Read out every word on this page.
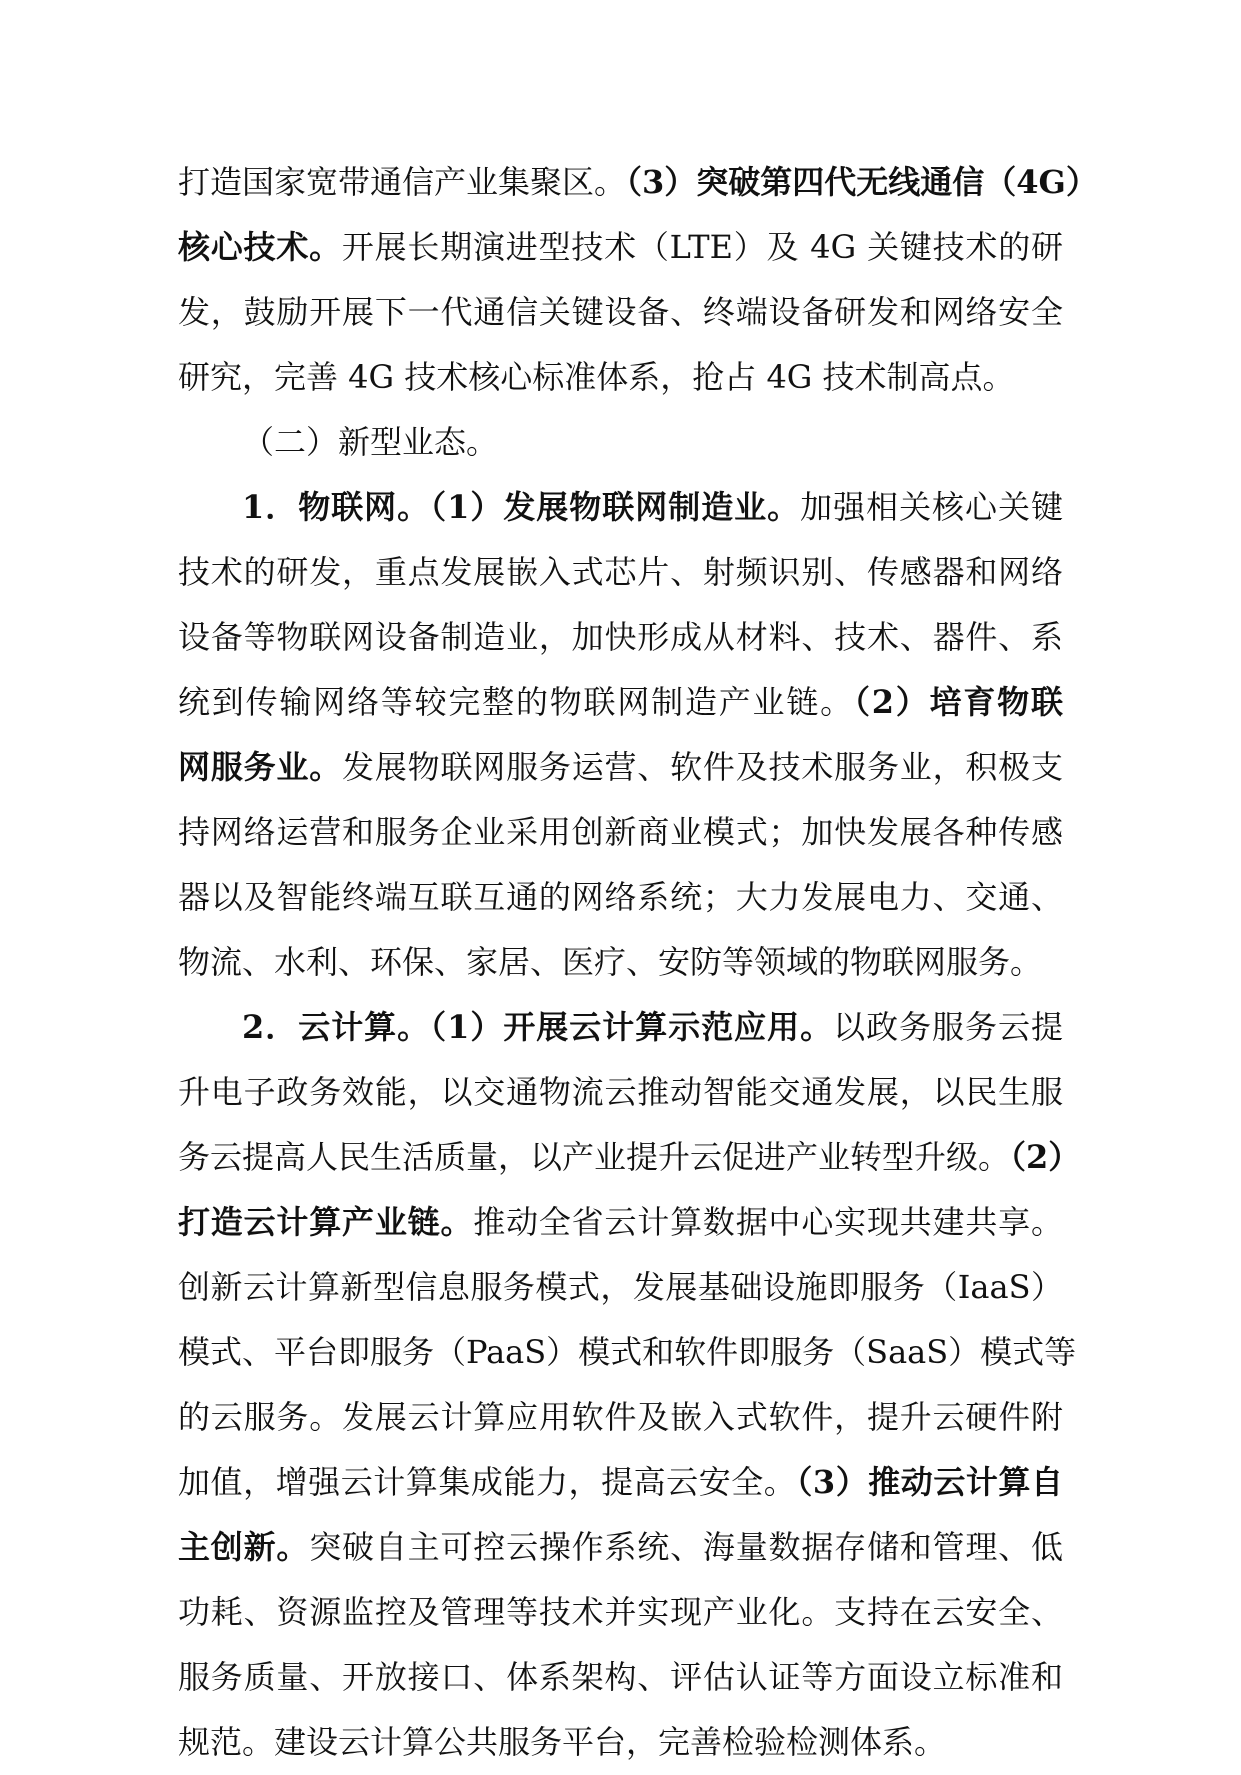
打造国家宽带通信产业集聚区。（3）突破第四代无线通信（4G）
核心技术。开展长期演进型技术（LTE）及 4G 关键技术的研
发，鼓励开展下一代通信关键设备、终端设备研发和网络安全
研究，完善 4G 技术核心标准体系，抢占 4G 技术制高点。
（二）新型业态。
1．物联网。（1）发展物联网制造业。加强相关核心关键
技术的研发，重点发展嵌入式芯片、射频识别、传感器和网络
设备等物联网设备制造业，加快形成从材料、技术、器件、系
统到传输网络等较完整的物联网制造产业链。（2）培育物联
网服务业。发展物联网服务运营、软件及技术服务业，积极支
持网络运营和服务企业采用创新商业模式；加快发展各种传感
器以及智能终端互联互通的网络系统；大力发展电力、交通、
物流、水利、环保、家居、医疗、安防等领域的物联网服务。
2．云计算。（1）开展云计算示范应用。以政务服务云提
升电子政务效能，以交通物流云推动智能交通发展，以民生服
务云提高人民生活质量，以产业提升云促进产业转型升级。（2）
打造云计算产业链。推动全省云计算数据中心实现共建共享。
创新云计算新型信息服务模式，发展基础设施即服务（IaaS）
模式、平台即服务（PaaS）模式和软件即服务（SaaS）模式等
的云服务。发展云计算应用软件及嵌入式软件，提升云硬件附
加值，增强云计算集成能力，提高云安全。（3）推动云计算自
主创新。突破自主可控云操作系统、海量数据存储和管理、低
功耗、资源监控及管理等技术并实现产业化。支持在云安全、
服务质量、开放接口、体系架构、评估认证等方面设立标准和
规范。建设云计算公共服务平台，完善检验检测体系。
